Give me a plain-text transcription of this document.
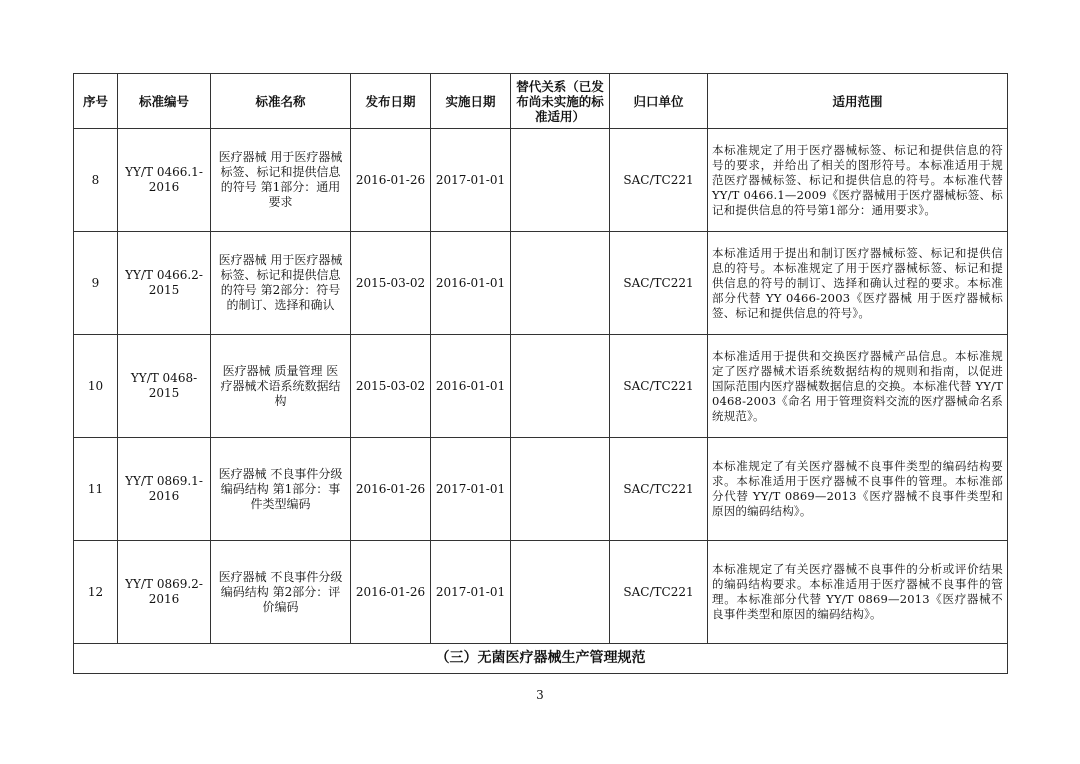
序号	标准编号	标准名称	发布日期	实施日期	替代关系（已发布尚未实施的标准适用）	归口单位	适用范围
8	YY/T 0466.1-2016	医疗器械 用于医疗器械标签、标记和提供信息的符号 第1部分：通用要求	2016-01-26	2017-01-01		SAC/TC221	本标准规定了用于医疗器械标签、标记和提供信息的符号的要求，并给出了相关的图形符号。本标准适用于规范医疗器械标签、标记和提供信息的符号。本标准代替 YY/T 0466.1—2009《医疗器械用于医疗器械标签、标记和提供信息的符号第1部分：通用要求》。
9	YY/T 0466.2-2015	医疗器械 用于医疗器械标签、标记和提供信息的符号 第2部分：符号的制订、选择和确认	2015-03-02	2016-01-01		SAC/TC221	本标准适用于提出和制订医疗器械标签、标记和提供信息的符号。本标准规定了用于医疗器械标签、标记和提供信息的符号的制订、选择和确认过程的要求。本标准部分代替 YY 0466-2003《医疗器械 用于医疗器械标签、标记和提供信息的符号》。
10	YY/T 0468-2015	医疗器械 质量管理 医疗器械术语系统数据结构	2015-03-02	2016-01-01		SAC/TC221	本标准适用于提供和交换医疗器械产品信息。本标准规定了医疗器械术语系统数据结构的规则和指南，以促进国际范围内医疗器械数据信息的交换。本标准代替 YY/T 0468-2003《命名 用于管理资料交流的医疗器械命名系统规范》。
11	YY/T 0869.1-2016	医疗器械 不良事件分级编码结构 第1部分：事件类型编码	2016-01-26	2017-01-01		SAC/TC221	本标准规定了有关医疗器械不良事件类型的编码结构要求。本标准适用于医疗器械不良事件的管理。本标准部分代替 YY/T 0869—2013《医疗器械不良事件类型和原因的编码结构》。
12	YY/T 0869.2-2016	医疗器械 不良事件分级编码结构 第2部分：评价编码	2016-01-26	2017-01-01		SAC/TC221	本标准规定了有关医疗器械不良事件的分析或评价结果的编码结构要求。本标准适用于医疗器械不良事件的管理。本标准部分代替 YY/T 0869—2013《医疗器械不良事件类型和原因的编码结构》。
（三）无菌医疗器械生产管理规范							
3
